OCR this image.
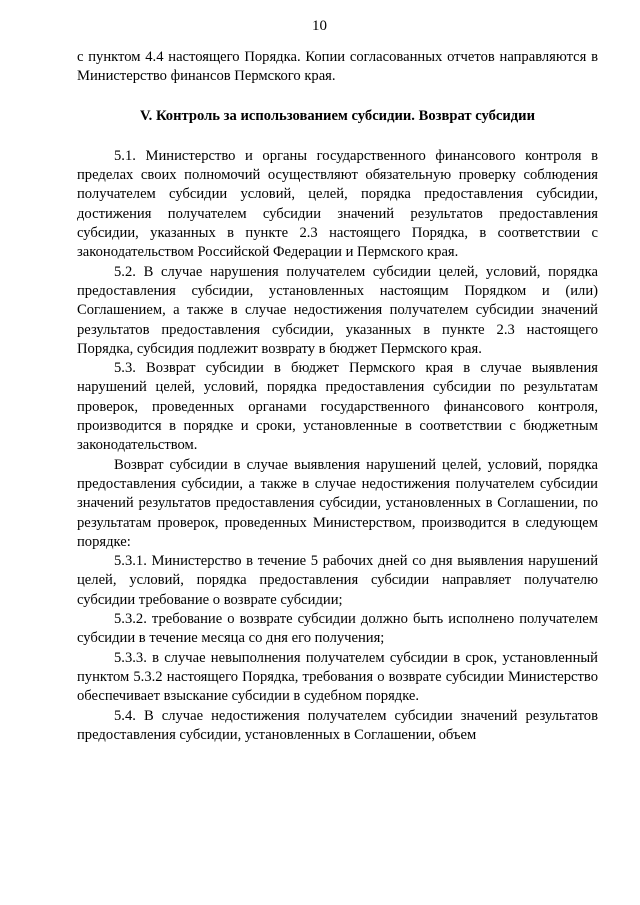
10

с пунктом 4.4 настоящего Порядка. Копии согласованных отчетов направляются в Министерство финансов Пермского края.

V. Контроль за использованием субсидии. Возврат субсидии

5.1. Министерство и органы государственного финансового контроля в пределах своих полномочий осуществляют обязательную проверку соблюдения получателем субсидии условий, целей, порядка предоставления субсидии, достижения получателем субсидии значений результатов предоставления субсидии, указанных в пункте 2.3 настоящего Порядка, в соответствии с законодательством Российской Федерации и Пермского края.

5.2. В случае нарушения получателем субсидии целей, условий, порядка предоставления субсидии, установленных настоящим Порядком и (или) Соглашением, а также в случае недостижения получателем субсидии значений результатов предоставления субсидии, указанных в пункте 2.3 настоящего Порядка, субсидия подлежит возврату в бюджет Пермского края.

5.3. Возврат субсидии в бюджет Пермского края в случае выявления нарушений целей, условий, порядка предоставления субсидии по результатам проверок, проведенных органами государственного финансового контроля, производится в порядке и сроки, установленные в соответствии с бюджетным законодательством.

Возврат субсидии в случае выявления нарушений целей, условий, порядка предоставления субсидии, а также в случае недостижения получателем субсидии значений результатов предоставления субсидии, установленных в Соглашении, по результатам проверок, проведенных Министерством, производится в следующем порядке:

5.3.1. Министерство в течение 5 рабочих дней со дня выявления нарушений целей, условий, порядка предоставления субсидии направляет получателю субсидии требование о возврате субсидии;

5.3.2. требование о возврате субсидии должно быть исполнено получателем субсидии в течение месяца со дня его получения;

5.3.3. в случае невыполнения получателем субсидии в срок, установленный пунктом 5.3.2 настоящего Порядка, требования о возврате субсидии Министерство обеспечивает взыскание субсидии в судебном порядке.

5.4. В случае недостижения получателем субсидии значений результатов предоставления субсидии, установленных в Соглашении, объем
